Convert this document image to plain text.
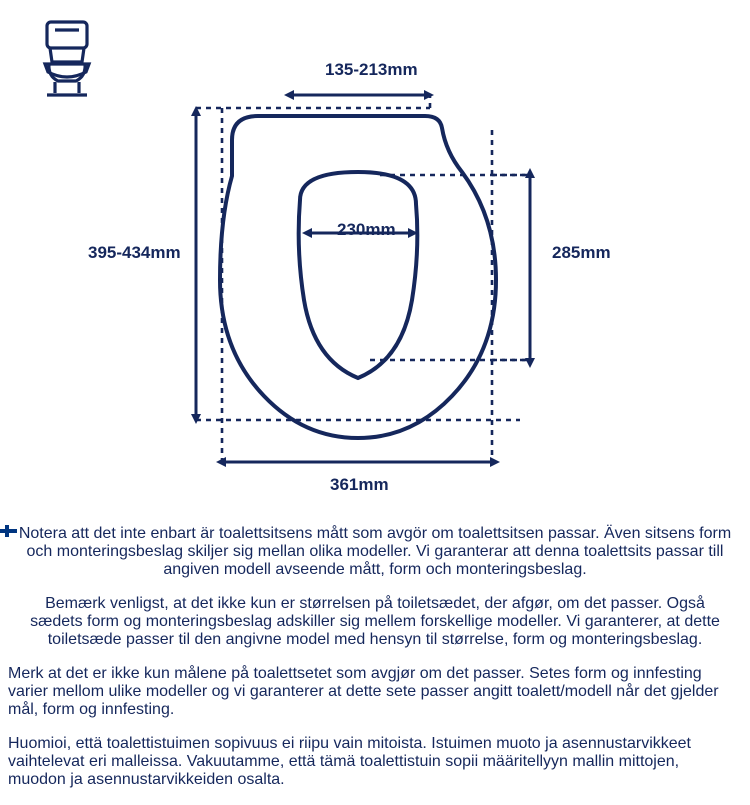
135-213mm
395-434mm
230mm
285mm
361mm
Notera att det inte enbart är toalettsitsens mått som avgör om toalettsitsen passar. Även sitsens form och monteringsbeslag skiljer sig mellan olika modeller. Vi garanterar att denna toalettsits passar till angiven modell avseende mått, form och monteringsbeslag.
Bemærk venligst, at det ikke kun er størrelsen på toiletsædet, der afgør, om det passer. Også sædets form og monteringsbeslag adskiller sig mellem forskellige modeller. Vi garanterer, at dette toiletsæde passer til den angivne model med hensyn til størrelse, form og monteringsbeslag.
Merk at det er ikke kun målene på toalettsetet som avgjør om det passer. Setes form og innfesting varier mellom ulike modeller og vi garanterer at dette sete passer angitt toalett/modell når det gjelder mål, form og innfesting.
Huomioi, että toalettistuimen sopivuus ei riipu vain mitoista. Istuimen muoto ja asennustarvikkeet vaihtelevat eri malleissa. Vakuutamme, että tämä toalettistuin sopii määritellyyn mallin mittojen, muodon ja asennustarvikkeiden osalta.
